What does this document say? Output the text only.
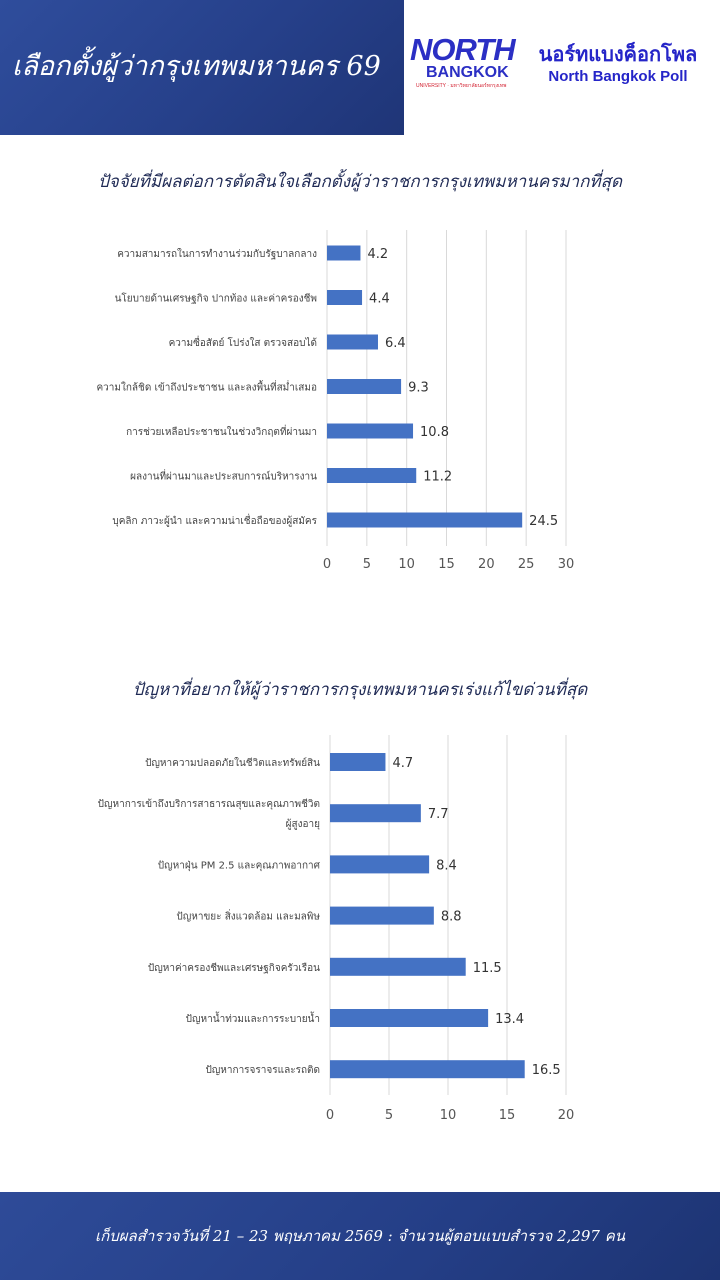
เลือกตั้งผู้ว่ากรุงเทพมหานคร 69 NORTH
BANGKOK
UNIVERSITY · มหาวิทยาลัยนอร์ทกรุงเทพ
นอร์ทแบงค็อกโพล
North Bangkok Poll
ปัจจัยที่มีผลต่อการตัดสินใจเลือกตั้งผู้ว่าราชการกรุงเทพมหานครมากที่สุด
0 5 10 15 20 25 30
4.2
ความสามารถในการทำงานร่วมกับรัฐบาลกลาง
4.4
นโยบายด้านเศรษฐกิจ ปากท้อง และค่าครองชีพ
6.4
ความซื่อสัตย์ โปร่งใส ตรวจสอบได้
9.3
ความใกล้ชิด เข้าถึงประชาชน และลงพื้นที่สม่ำเสมอ
10.8
การช่วยเหลือประชาชนในช่วงวิกฤตที่ผ่านมา
11.2
ผลงานที่ผ่านมาและประสบการณ์บริหารงาน
24.5
บุคลิก ภาวะผู้นำ และความน่าเชื่อถือของผู้สมัคร
ปัญหาที่อยากให้ผู้ว่าราชการกรุงเทพมหานครเร่งแก้ไขด่วนที่สุด
0	5	10	15	20
4.7
ปัญหาความปลอดภัยในชีวิตและทรัพย์สิน
7.7
ปัญหาการเข้าถึงบริการสาธารณสุขและคุณภาพชีวิต
ผู้สูงอายุ
8.4
ปัญหาฝุ่น PM 2.5 และคุณภาพอากาศ
8.8
ปัญหาขยะ สิ่งแวดล้อม และมลพิษ
11.5
ปัญหาค่าครองชีพและเศรษฐกิจครัวเรือน
13.4
ปัญหาน้ำท่วมและการระบายน้ำ
16.5
ปัญหาการจราจรและรถติด
เก็บผลสำรวจวันที่ 21 – 23 พฤษภาคม 2569 : จำนวนผู้ตอบแบบสำรวจ 2,297 คน
